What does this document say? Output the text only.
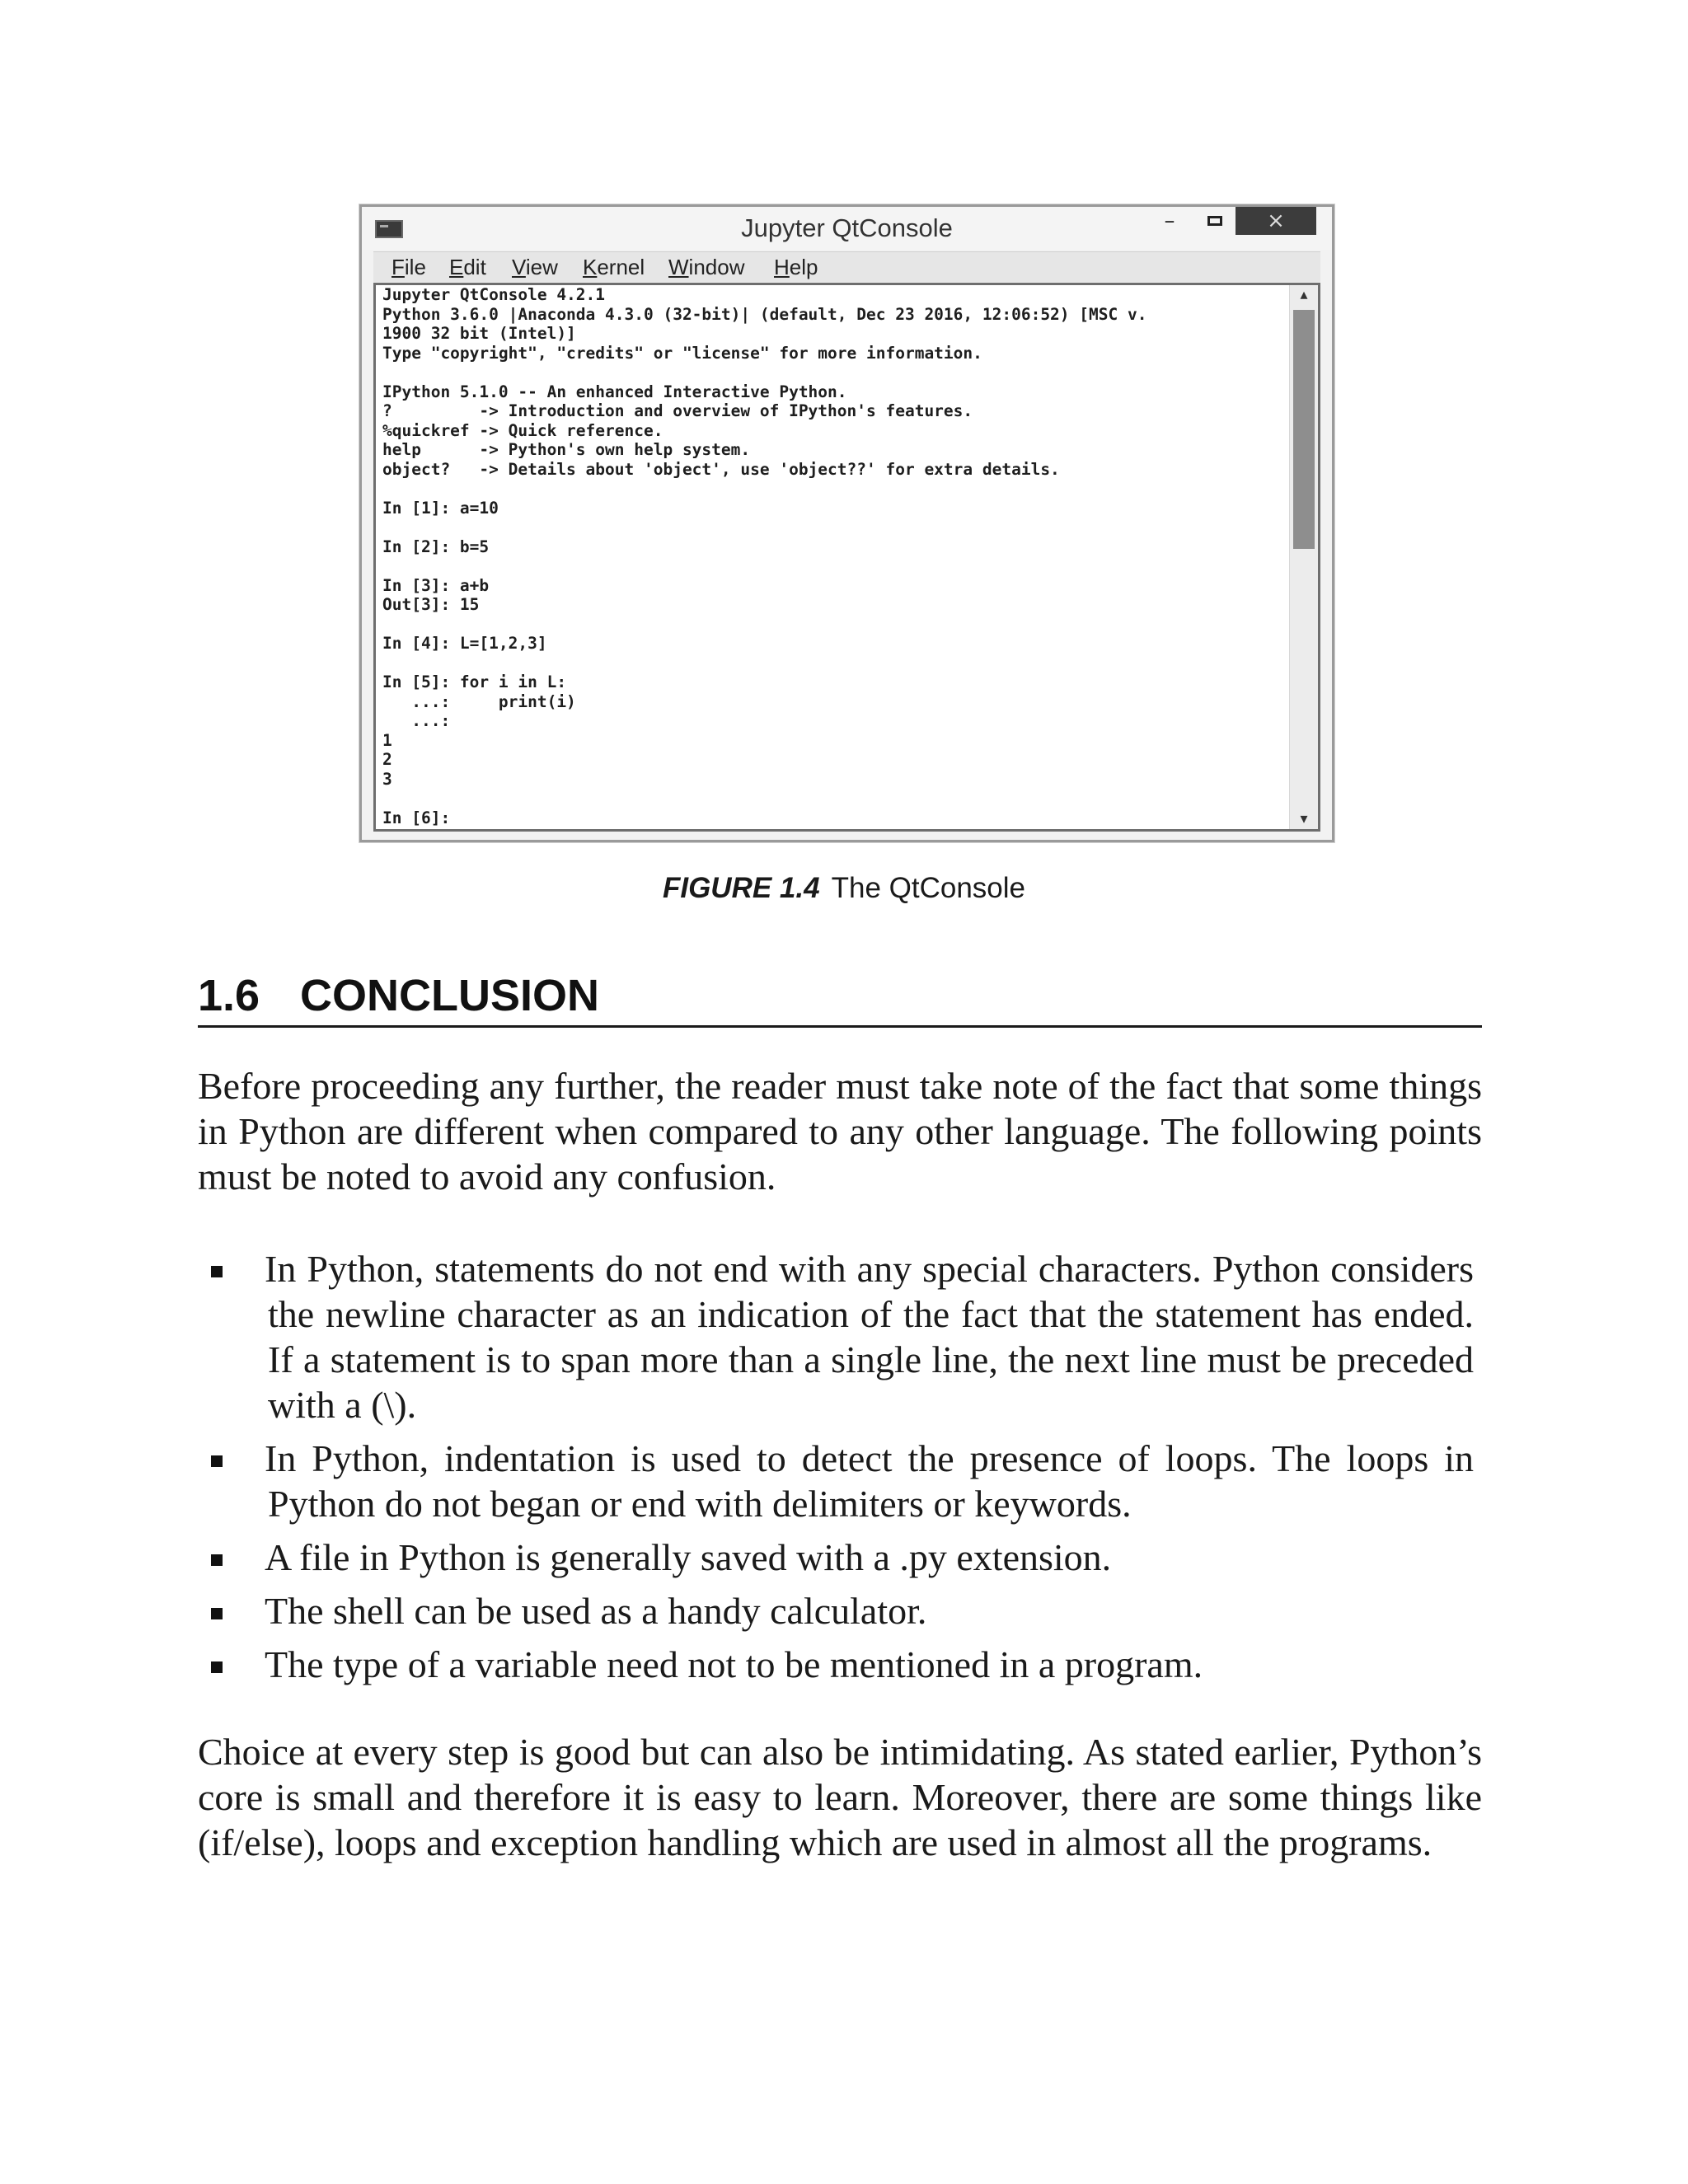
Jupyter QtConsole	–	×
File Edit View Kernel Window Help
Jupyter QtConsole 4.2.1
Python 3.6.0 |Anaconda 4.3.0 (32-bit)| (default, Dec 23 2016, 12:06:52) [MSC v.
1900 32 bit (Intel)]
Type "copyright", "credits" or "license" for more information.

IPython 5.1.0 -- An enhanced Interactive Python.
?         -> Introduction and overview of IPython's features.
%quickref -> Quick reference.
help      -> Python's own help system.
object?   -> Details about 'object', use 'object??' for extra details.

In [1]: a=10

In [2]: b=5

In [3]: a+b
Out[3]: 15

In [4]: L=[1,2,3]

In [5]: for i in L:
...:     print(i)
...:
1
2
3

In [6]:
▴
▾
FIGURE 1.4 The QtConsole
1.6 CONCLUSION

Before proceeding any further, the reader must take note of the fact that some things in Python are different when compared to any other language. The following points must be noted to avoid any confusion.

In Python, statements do not end with any special characters. Python considers the newline character as an indication of the fact that the statement has ended. If a statement is to span more than a single line, the next line must be preceded with a (\).
In Python, indentation is used to detect the presence of loops. The loops in Python do not began or end with delimiters or keywords.
A file in Python is generally saved with a .py extension.
The shell can be used as a handy calculator.
The type of a variable need not to be mentioned in a program.

Choice at every step is good but can also be intimidating. As stated earlier, Python’s core is small and therefore it is easy to learn. Moreover, there are some things like (if/else), loops and exception handling which are used in almost all the programs.
